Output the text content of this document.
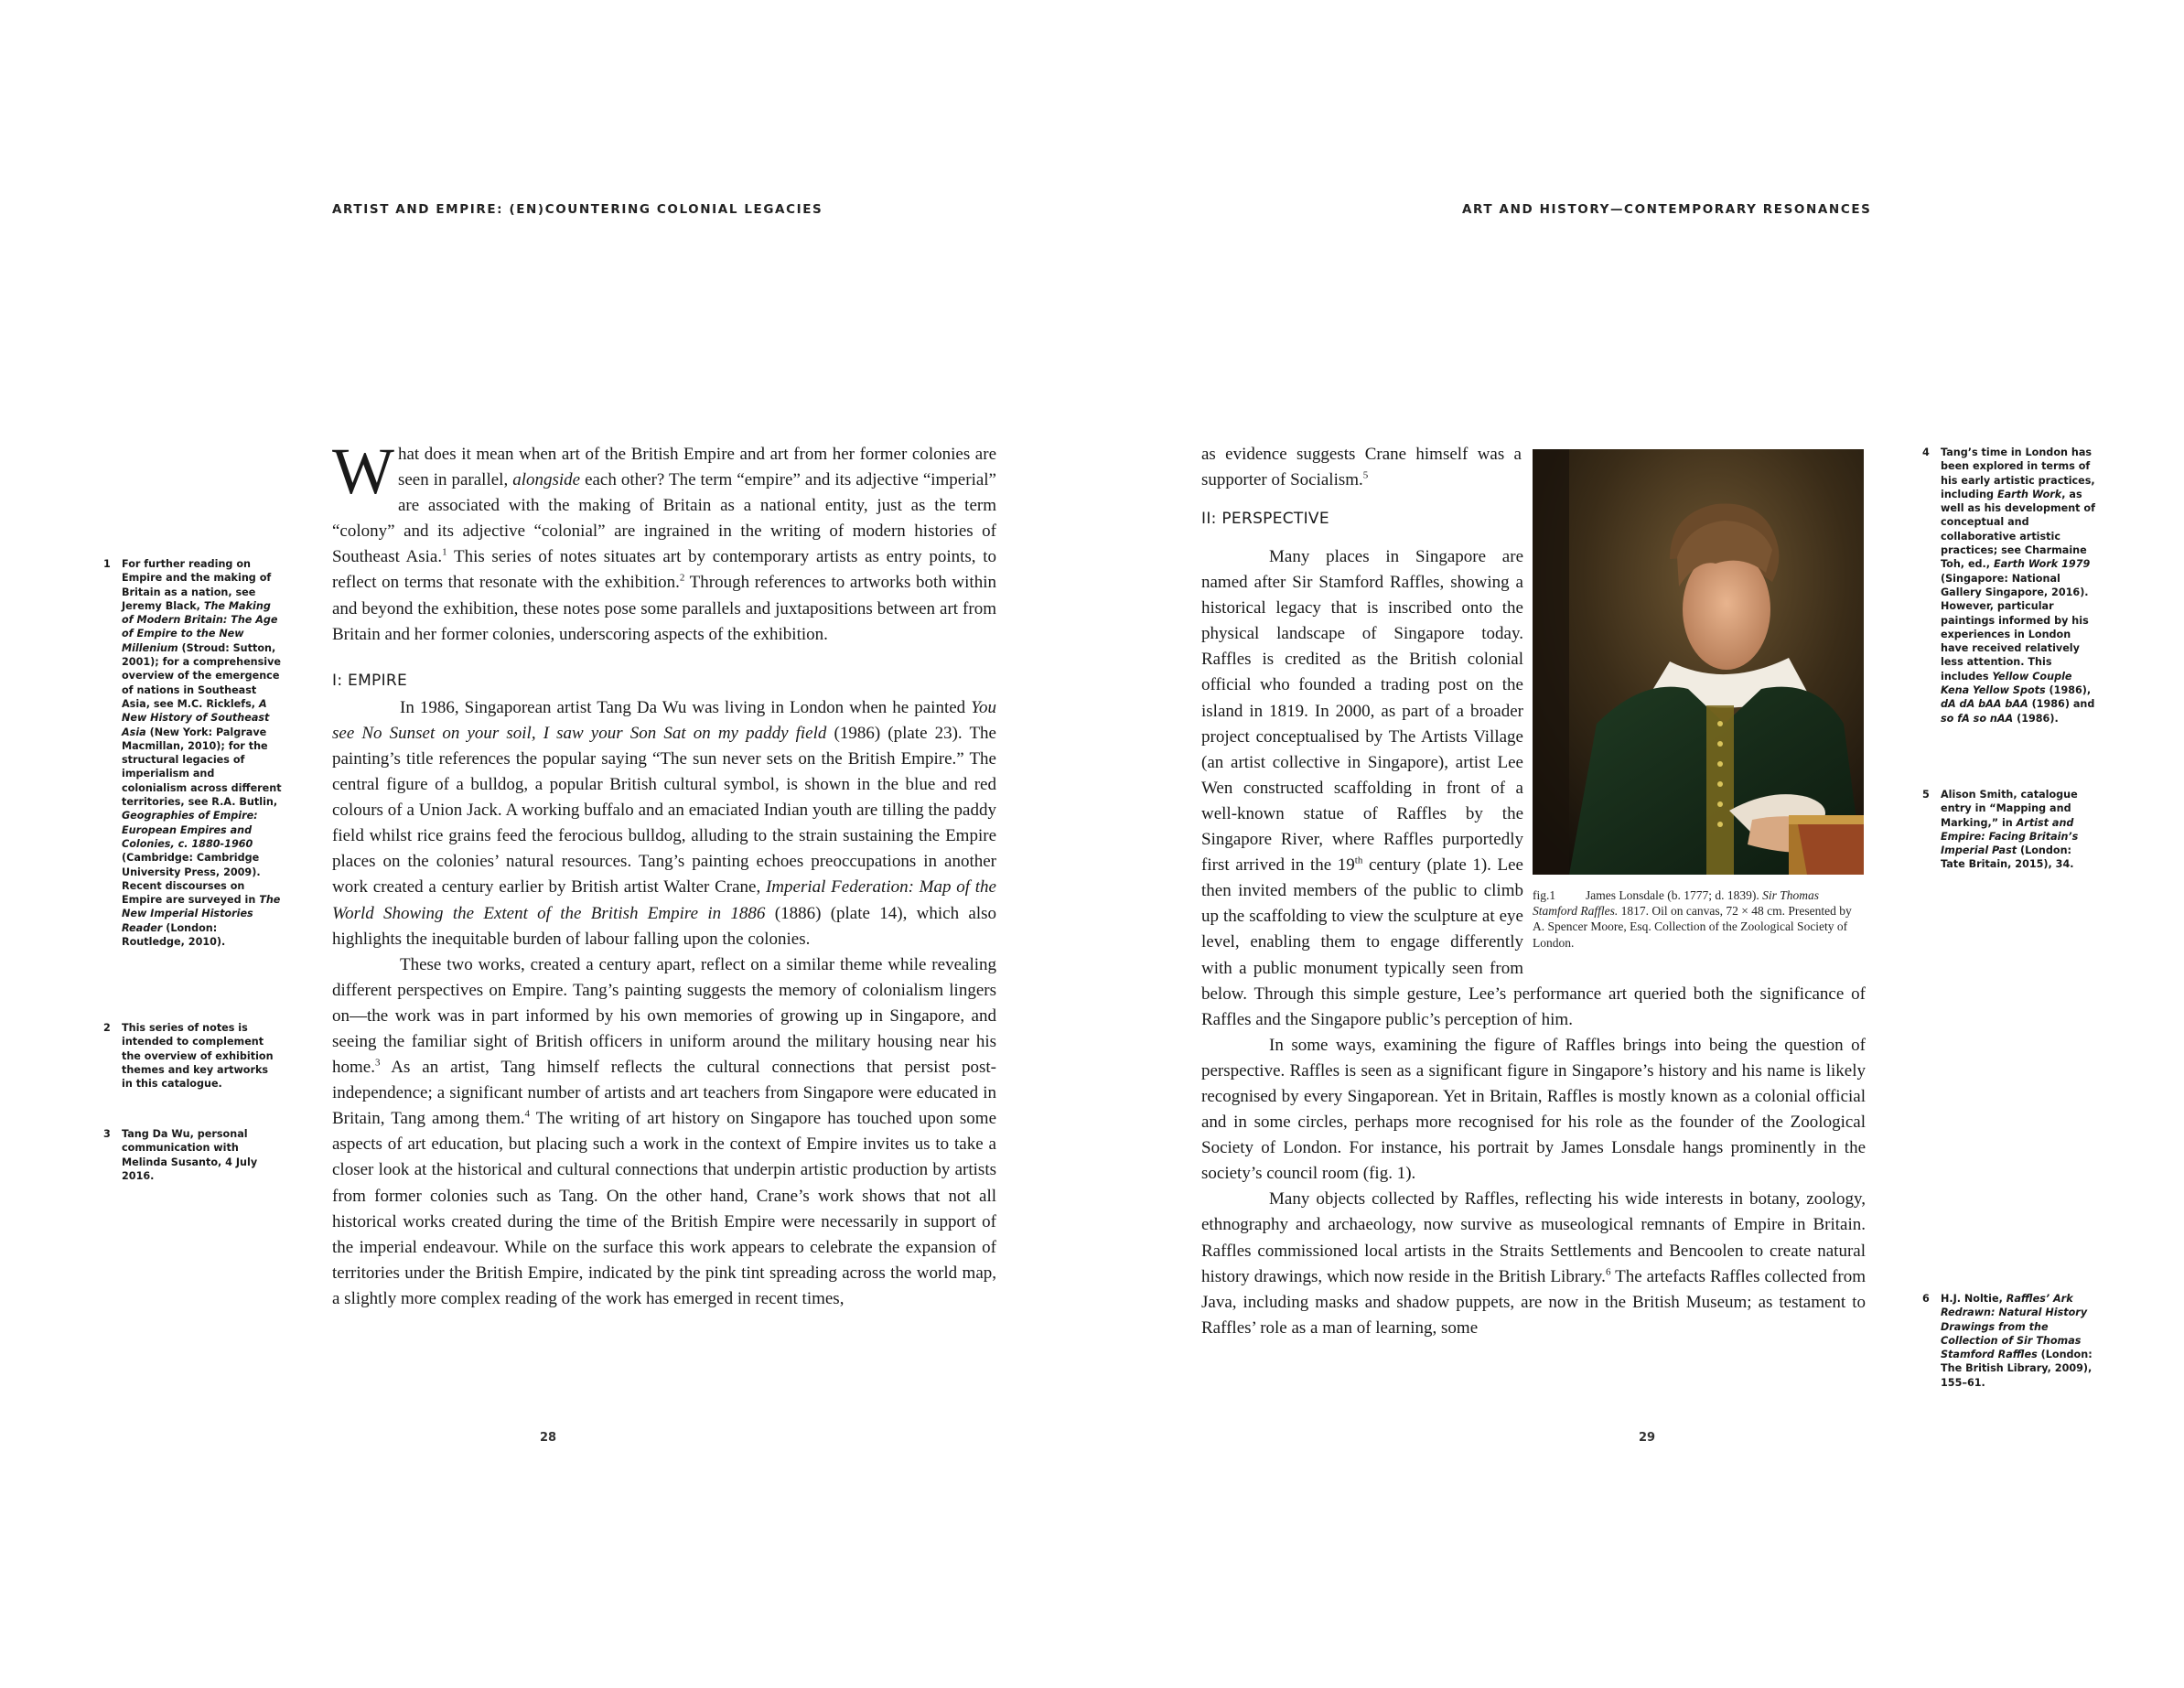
ARTIST AND EMPIRE: (EN)COUNTERING COLONIAL LEGACIES

What does it mean when art of the British Empire and art from her former colonies are seen in parallel, alongside each other? The term “empire” and its adjective “imperial” are associated with the making of Britain as a national entity, just as the term “colony” and its adjective “colonial” are ingrained in the writing of modern histories of Southeast Asia.$^1$ This series of notes situates art by contemporary artists as entry points, to reflect on terms that resonate with the exhibition.$^2$ Through references to artworks both within and beyond the exhibition, these notes pose some parallels and juxtapositions between art from Britain and her former colonies, underscoring aspects of the exhibition.

I: EMPIRE

In 1986, Singaporean artist Tang Da Wu was living in London when he painted You see No Sunset on your soil, I saw your Son Sat on my paddy field (1986) (plate 23). The painting’s title references the popular saying “The sun never sets on the British Empire.” The central figure of a bulldog, a popular British cultural symbol, is shown in the blue and red colours of a Union Jack. A working buffalo and an emaciated Indian youth are tilling the paddy field whilst rice grains feed the ferocious bulldog, alluding to the strain sustaining the Empire places on the colonies’ natural resources. Tang’s painting echoes preoccupations in another work created a century earlier by British artist Walter Crane, Imperial Federation: Map of the World Showing the Extent of the British Empire in 1886 (1886) (plate 14), which also highlights the inequitable burden of labour falling upon the colonies.

These two works, created a century apart, reflect on a similar theme while revealing different perspectives on Empire. Tang’s painting suggests the memory of colonialism lingers on—the work was in part informed by his own memories of growing up in Singapore, and seeing the familiar sight of British officers in uniform around the military housing near his home.$^3$ As an artist, Tang himself reflects the cultural connections that persist post-independence; a significant number of artists and art teachers from Singapore were educated in Britain, Tang among them.$^4$ The writing of art history on Singapore has touched upon some aspects of art education, but placing such a work in the context of Empire invites us to take a closer look at the historical and cultural connections that underpin artistic production by artists from former colonies such as Tang. On the other hand, Crane’s work shows that not all historical works created during the time of the British Empire were necessarily in support of the imperial endeavour. While on the surface this work appears to celebrate the expansion of territories under the British Empire, indicated by the pink tint spreading across the world map, a slightly more complex reading of the work has emerged in recent times,

1 For further reading on Empire and the making of Britain as a nation, see Jeremy Black, The Making of Modern Britain: The Age of Empire to the New Millenium (Stroud: Sutton, 2001); for a comprehensive overview of the emergence of nations in Southeast Asia, see M.C. Ricklefs, A New History of Southeast Asia (New York: Palgrave Macmillan, 2010); for the structural legacies of imperialism and colonialism across different territories, see R.A. Butlin, Geographies of Empire: European Empires and Colonies, c. 1880-1960 (Cambridge: Cambridge University Press, 2009). Recent discourses on Empire are surveyed in The New Imperial Histories Reader (London: Routledge, 2010).
2 This series of notes is intended to complement the overview of exhibition themes and key artworks in this catalogue.
3 Tang Da Wu, personal communication with Melinda Susanto, 4 July 2016.
28
ART AND HISTORY—CONTEMPORARY RESONANCES

as evidence suggests Crane himself was a supporter of Socialism.$^5$

II: PERSPECTIVE

Many places in Singapore are named after Sir Stamford Raffles, showing a historical legacy that is inscribed onto the physical landscape of Singapore today. Raffles is credited as the British colonial official who founded a trading post on the island in 1819. In 2000, as part of a broader project conceptualised by The Artists Village (an artist collective in Singapore), artist Lee Wen constructed scaffolding in front of a well-known statue of Raffles by the Singapore River, where Raffles purportedly first arrived in the 19th century (plate 1). Lee then invited members of the public to climb up the scaffolding to view the sculpture at eye level, enabling them to engage differently with a public monument typically seen from below. Through this simple gesture, Lee’s performance art queried both the significance of Raffles and the Singapore public’s perception of him.

In some ways, examining the figure of Raffles brings into being the question of perspective. Raffles is seen as a significant figure in Singapore’s history and his name is likely recognised by every Singaporean. Yet in Britain, Raffles is mostly known as a colonial official and in some circles, perhaps more recognised for his role as the founder of the Zoological Society of London. For instance, his portrait by James Lonsdale hangs prominently in the society’s council room (fig. 1).

Many objects collected by Raffles, reflecting his wide interests in botany, zoology, ethnography and archaeology, now survive as museological remnants of Empire in Britain. Raffles commissioned local artists in the Straits Settlements and Bencoolen to create natural history drawings, which now reside in the British Library.$^6$ The artefacts Raffles collected from Java, including masks and shadow puppets, are now in the British Museum; as testament to Raffles’ role as a man of learning, some

fig.1 James Lonsdale (b. 1777; d. 1839). Sir Thomas Stamford Raffles. 1817. Oil on canvas, 72 × 48 cm. Presented by A. Spencer Moore, Esq. Collection of the Zoological Society of London.
4 Tang’s time in London has been explored in terms of his early artistic practices, including Earth Work, as well as his development of conceptual and collaborative artistic practices; see Charmaine Toh, ed., Earth Work 1979 (Singapore: National Gallery Singapore, 2016). However, particular paintings informed by his experiences in London have received relatively less attention. This includes Yellow Couple Kena Yellow Spots (1986), dA dA bAA bAA (1986) and so fA so nAA (1986).
5 Alison Smith, catalogue entry in “Mapping and Marking,” in Artist and Empire: Facing Britain’s Imperial Past (London: Tate Britain, 2015), 34.
6 H.J. Noltie, Raffles’ Ark Redrawn: Natural History Drawings from the Collection of Sir Thomas Stamford Raffles (London: The British Library, 2009), 155–61.
29
